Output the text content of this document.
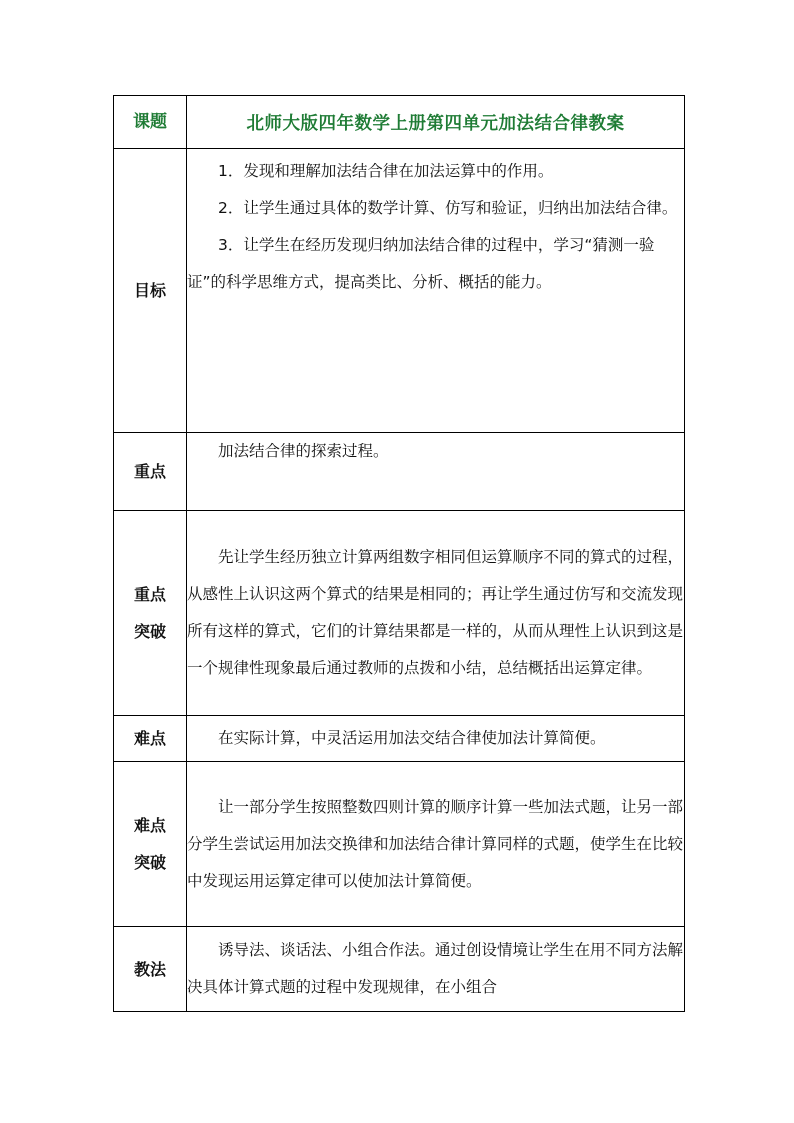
课题	北师大版四年数学上册第四单元加法结合律教案
目标	1．发现和理解加法结合律在加法运算中的作用。

2．让学生通过具体的数学计算、仿写和验证，归纳出加法结合律。

3．让学生在经历发现归纳加法结合律的过程中，学习“猜测一验证”的科学思维方式，提高类比、分析、概括的能力。

重点	加法结合律的探索过程。

重点
突破	先让学生经历独立计算两组数字相同但运算顺序不同的算式的过程，从感性上认识这两个算式的结果是相同的；再让学生通过仿写和交流发现所有这样的算式，它们的计算结果都是一样的，从而从理性上认识到这是一个规律性现象最后通过教师的点拨和小结，总结概括出运算定律。

难点	在实际计算，中灵活运用加法交结合律使加法计算简便。

难点
突破	让一部分学生按照整数四则计算的顺序计算一些加法式题，让另一部分学生尝试运用加法交换律和加法结合律计算同样的式题，使学生在比较中发现运用运算定律可以使加法计算简便。

教法	诱导法、谈话法、小组合作法。通过创设情境让学生在用不同方法解决具体计算式题的过程中发现规律，在小组合
